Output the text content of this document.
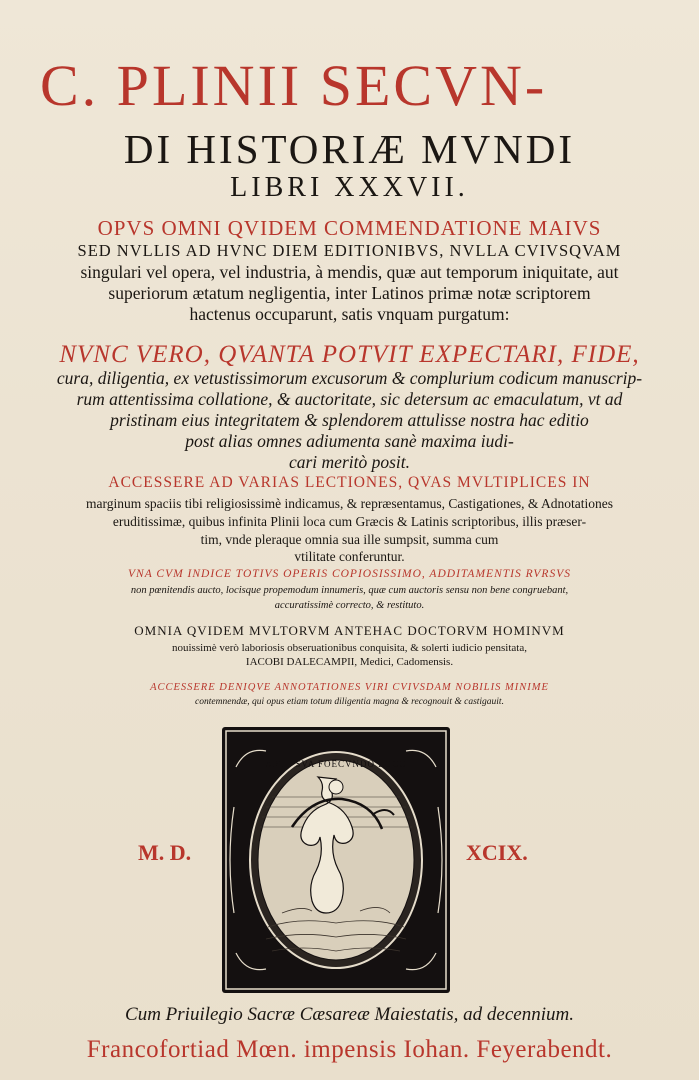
C. PLINII SECVN-
DI HISTORIÆ MVNDI
LIBRI XXXVII.
OPVS OMNI QVIDEM COMMENDATIONE MAIVS
SED NVLLIS AD HVNC DIEM EDITIONIBVS, NVLLA CVIVSQVAM
singulari vel opera, vel industria, à mendis, quæ aut temporum iniquitate, aut
superiorum ætatum negligentia, inter Latinos primæ notæ scriptorem
hactenus occuparunt, satis vnquam purgatum:
NVNC VERO, QVANTA POTVIT EXPECTARI, FIDE,
cura, diligentia, ex vetustissimorum excusorum & complurium codicum manuscrip-
rum attentissima collatione, & auctoritate, sic detersum ac emaculatum, vt ad
pristinam eius integritatem & splendorem attulisse nostra hac editio
post alias omnes adiumenta sanè maxima iudi-
cari meritò posit.
ACCESSERE AD VARIAS LECTIONES, QVAS MVLTIPLICES IN
marginum spaciis tibi religiosissimè indicamus, & repræsentamus, Castigationes, & Adnotationes
eruditissimæ, quibus infinita Plinii loca cum Græcis & Latinis scriptoribus, illis præser-
tim, vnde pleraque omnia sua ille sumpsit, summa cum
vtilitate conferuntur.
VNA CVM INDICE TOTIVS OPERIS COPIOSISSIMO, ADDITAMENTIS RVRSVS
non pœnitendis aucto, locisque propemodum innumeris, quæ cum auctoris sensu non bene congruebant,
accuratissimè correcto, & restituto.
OMNIA QVIDEM MVLTORVM ANTEHAC DOCTORVM HOMINVM
nouissimè verò laboriosis obseruationibus conquisita, & solerti iudicio pensitata,
IACOBI DALECAMPII, Medici, Cadomensis.
ACCESSERE DENIQVE ANNOTATIONES VIRI CVIVSDAM NOBILIS MINIME
contemnendæ, qui opus etiam totum diligentia magna & recognouit & castigauit.
ARTE SVA FOECVNDO LOCO
M. D.	XCIX.
Cum Priuilegio Sacræ Cæsareæ Maiestatis, ad decennium.
Francofortiad Mœn. impensis Iohan. Feyerabendt.
